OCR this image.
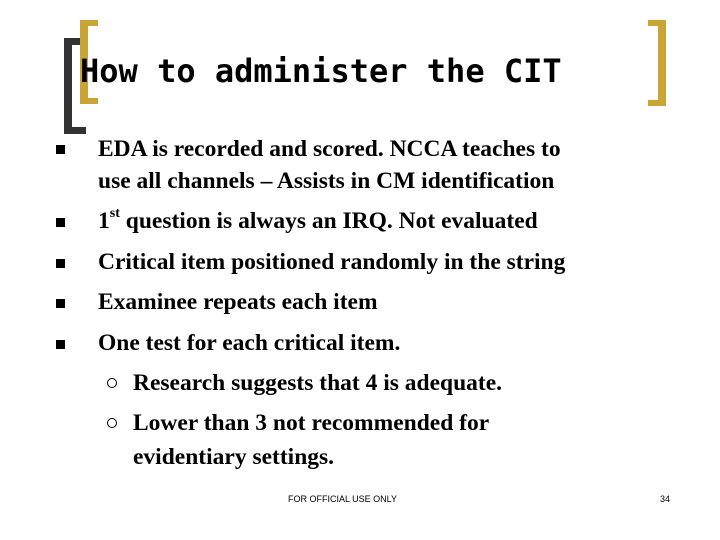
How to administer the CIT
EDA is recorded and scored. NCCA teaches to
use all channels – Assists in CM identification
1st question is always an IRQ. Not evaluated
Critical item positioned randomly in the string
Examinee repeats each item
One test for each critical item.
Research suggests that 4 is adequate.
Lower than 3 not recommended for
evidentiary settings.
FOR OFFICIAL USE ONLY	34
